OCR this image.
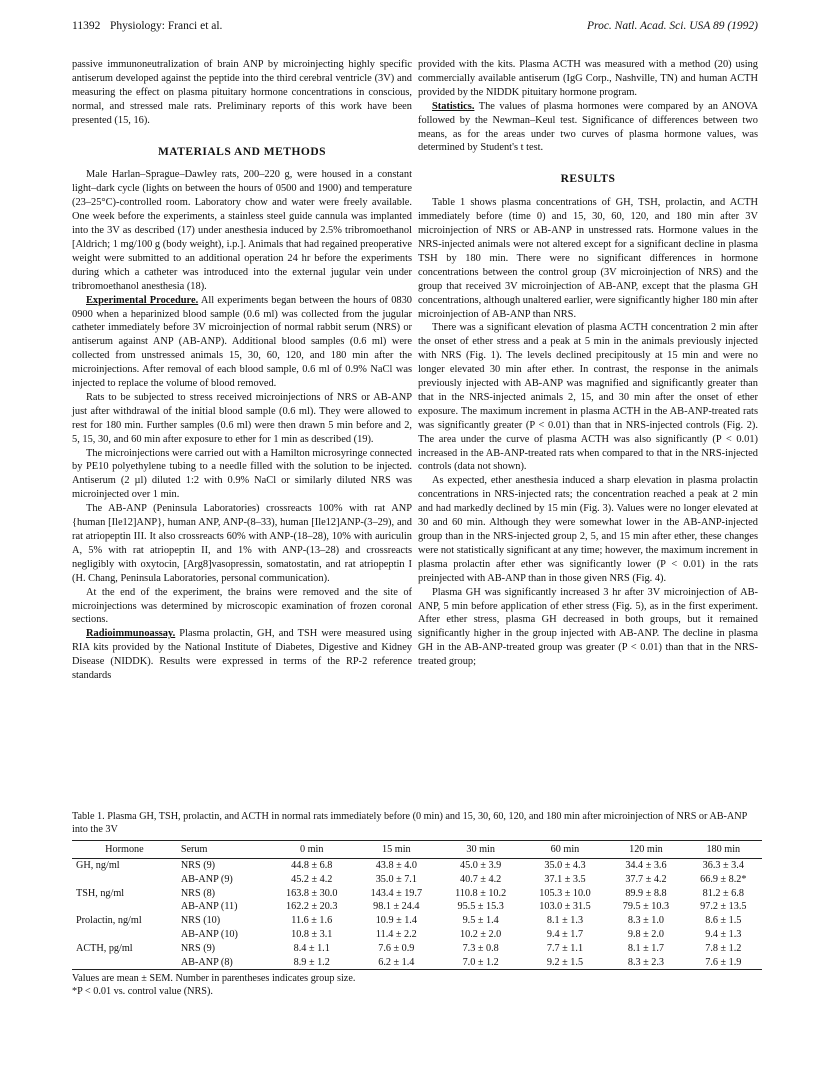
11392 Physiology: Franci et al.	Proc. Natl. Acad. Sci. USA 89 (1992)

passive immunoneutralization of brain ANP by microinjecting highly specific antiserum developed against the peptide into the third cerebral ventricle (3V) and measuring the effect on plasma pituitary hormone concentrations in conscious, normal, and stressed male rats. Preliminary reports of this work have been presented (15, 16).

MATERIALS AND METHODS

Male Harlan–Sprague–Dawley rats, 200–220 g, were housed in a constant light–dark cycle (lights on between the hours of 0500 and 1900) and temperature (23–25°C)-controlled room. Laboratory chow and water were freely available. One week before the experiments, a stainless steel guide cannula was implanted into the 3V as described (17) under anesthesia induced by 2.5% tribromoethanol [Aldrich; 1 mg/100 g (body weight), i.p.]. Animals that had regained preoperative weight were submitted to an additional operation 24 hr before the experiments during which a catheter was introduced into the external jugular vein under tribromoethanol anesthesia (18).

Experimental Procedure. All experiments began between the hours of 0830 0900 when a heparinized blood sample (0.6 ml) was collected from the jugular catheter immediately before 3V microinjection of normal rabbit serum (NRS) or antiserum against ANP (AB-ANP). Additional blood samples (0.6 ml) were collected from unstressed animals 15, 30, 60, 120, and 180 min after the microinjections. After removal of each blood sample, 0.6 ml of 0.9% NaCl was injected to replace the volume of blood removed.

Rats to be subjected to stress received microinjections of NRS or AB-ANP just after withdrawal of the initial blood sample (0.6 ml). They were allowed to rest for 180 min. Further samples (0.6 ml) were then drawn 5 min before and 2, 5, 15, 30, and 60 min after exposure to ether for 1 min as described (19).

The microinjections were carried out with a Hamilton microsyringe connected by PE10 polyethylene tubing to a needle filled with the solution to be injected. Antiserum (2 µl) diluted 1:2 with 0.9% NaCl or similarly diluted NRS was microinjected over 1 min.

The AB-ANP (Peninsula Laboratories) crossreacts 100% with rat ANP {human [Ile12]ANP}, human ANP, ANP-(8–33), human [Ile12]ANP-(3–29), and rat atriopeptin III. It also crossreacts 60% with ANP-(18–28), 10% with auriculin A, 5% with rat atriopeptin II, and 1% with ANP-(13–28) and crossreacts negligibly with oxytocin, [Arg8]vasopressin, somatostatin, and rat atriopeptin I (H. Chang, Peninsula Laboratories, personal communication).

At the end of the experiment, the brains were removed and the site of microinjections was determined by microscopic examination of frozen coronal sections.

Radioimmunoassay. Plasma prolactin, GH, and TSH were measured using RIA kits provided by the National Institute of Diabetes, Digestive and Kidney Disease (NIDDK). Results were expressed in terms of the RP-2 reference standards

provided with the kits. Plasma ACTH was measured with a method (20) using commercially available antiserum (IgG Corp., Nashville, TN) and human ACTH provided by the NIDDK pituitary hormone program.

Statistics. The values of plasma hormones were compared by an ANOVA followed by the Newman–Keul test. Significance of differences between two means, as for the areas under two curves of plasma hormone values, was determined by Student's t test.

RESULTS

Table 1 shows plasma concentrations of GH, TSH, prolactin, and ACTH immediately before (time 0) and 15, 30, 60, 120, and 180 min after 3V microinjection of NRS or AB-ANP in unstressed rats. Hormone values in the NRS-injected animals were not altered except for a significant decline in plasma TSH by 180 min. There were no significant differences in hormone concentrations between the control group (3V microinjection of NRS) and the group that received 3V microinjection of AB-ANP, except that the plasma GH concentrations, although unaltered earlier, were significantly higher 180 min after microinjection of AB-ANP than NRS.

There was a significant elevation of plasma ACTH concentration 2 min after the onset of ether stress and a peak at 5 min in the animals previously injected with NRS (Fig. 1). The levels declined precipitously at 15 min and were no longer elevated 30 min after ether. In contrast, the response in the animals previously injected with AB-ANP was magnified and significantly greater than that in the NRS-injected animals 2, 15, and 30 min after the onset of ether exposure. The maximum increment in plasma ACTH in the AB-ANP-treated rats was significantly greater (P < 0.01) than that in NRS-injected controls (Fig. 2). The area under the curve of plasma ACTH was also significantly (P < 0.01) increased in the AB-ANP-treated rats when compared to that in the NRS-injected controls (data not shown).

As expected, ether anesthesia induced a sharp elevation in plasma prolactin concentrations in NRS-injected rats; the concentration reached a peak at 2 min and had markedly declined by 15 min (Fig. 3). Values were no longer elevated at 30 and 60 min. Although they were somewhat lower in the AB-ANP-injected group than in the NRS-injected group 2, 5, and 15 min after ether, these changes were not statistically significant at any time; however, the maximum increment in plasma prolactin after ether was significantly lower (P < 0.01) in the rats preinjected with AB-ANP than in those given NRS (Fig. 4).

Plasma GH was significantly increased 3 hr after 3V microinjection of AB-ANP, 5 min before application of ether stress (Fig. 5), as in the first experiment. After ether stress, plasma GH decreased in both groups, but it remained significantly higher in the group injected with AB-ANP. The decline in plasma GH in the AB-ANP-treated group was greater (P < 0.01) than that in the NRS-treated group;

Table 1. Plasma GH, TSH, prolactin, and ACTH in normal rats immediately before (0 min) and 15, 30, 60, 120, and 180 min after microinjection of NRS or AB-ANP into the 3V
Hormone	Serum	0 min	15 min	30 min	60 min	120 min	180 min
GH, ng/ml	NRS (9)	44.8 ± 6.8	43.8 ± 4.0	45.0 ± 3.9	35.0 ± 4.3	34.4 ± 3.6	36.3 ± 3.4
	AB-ANP (9)	45.2 ± 4.2	35.0 ± 7.1	40.7 ± 4.2	37.1 ± 3.5	37.7 ± 4.2	66.9 ± 8.2*
TSH, ng/ml	NRS (8)	163.8 ± 30.0	143.4 ± 19.7	110.8 ± 10.2	105.3 ± 10.0	89.9 ± 8.8	81.2 ± 6.8
	AB-ANP (11)	162.2 ± 20.3	98.1 ± 24.4	95.5 ± 15.3	103.0 ± 31.5	79.5 ± 10.3	97.2 ± 13.5
Prolactin, ng/ml	NRS (10)	11.6 ± 1.6	10.9 ± 1.4	9.5 ± 1.4	8.1 ± 1.3	8.3 ± 1.0	8.6 ± 1.5
	AB-ANP (10)	10.8 ± 3.1	11.4 ± 2.2	10.2 ± 2.0	9.4 ± 1.7	9.8 ± 2.0	9.4 ± 1.3
ACTH, pg/ml	NRS (9)	8.4 ± 1.1	7.6 ± 0.9	7.3 ± 0.8	7.7 ± 1.1	8.1 ± 1.7	7.8 ± 1.2
	AB-ANP (8)	8.9 ± 1.2	6.2 ± 1.4	7.0 ± 1.2	9.2 ± 1.5	8.3 ± 2.3	7.6 ± 1.9
Values are mean ± SEM. Number in parentheses indicates group size.
*P < 0.01 vs. control value (NRS).
